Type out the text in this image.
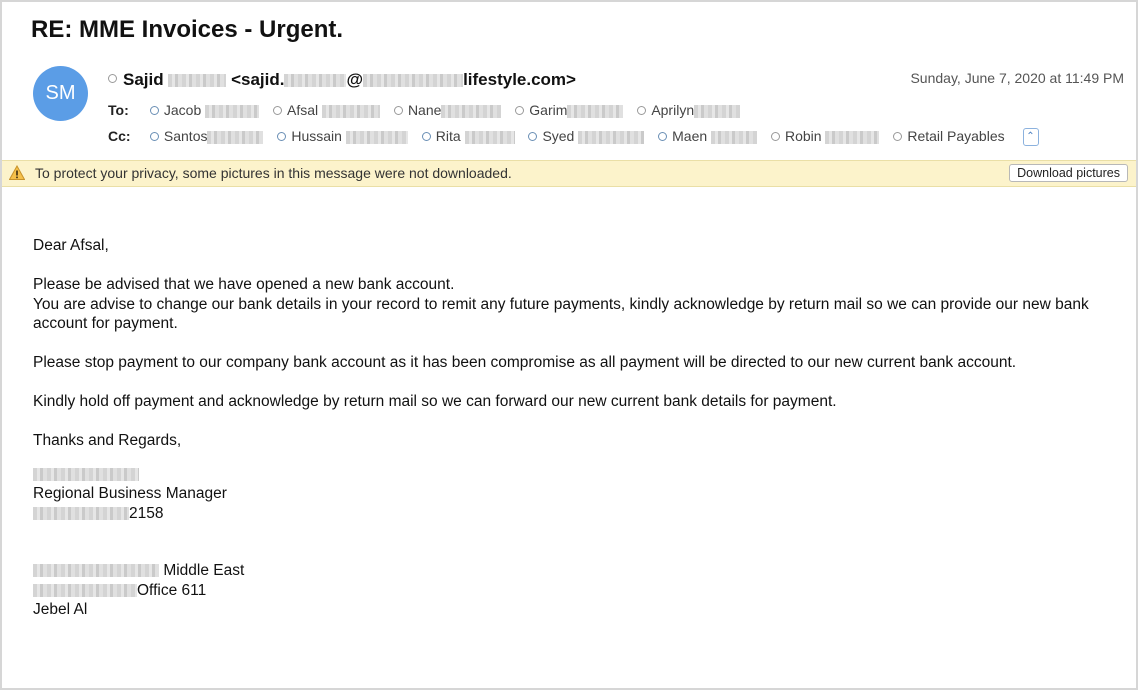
RE: MME Invoices - Urgent.
SM
Sajid	<sajid.	@	lifestyle.com>	Sunday, June 7, 2020 at 11:49 PM
To:	Jacob	Afsal	Nane	Garim	Aprilyn
Cc: Santos	Hussain	Rita	Syed	Maen	Robin	Retail Payables ⌃
To protect your privacy, some pictures in this message were not downloaded.	Download pictures

Dear Afsal,

Please be advised that we have opened a new bank account.
You are advise to change our bank details in your record to remit any future payments, kindly acknowledge by return mail so we can provide our new bank account for payment.

Please stop payment to our company bank account as it has been compromise as all payment will be directed to our new current bank account.

Kindly hold off payment and acknowledge by return mail so we can forward our new current bank details for payment.

Thanks and Regards,

Regional Business Manager
2158
Middle East
Office 611
Jebel Al
